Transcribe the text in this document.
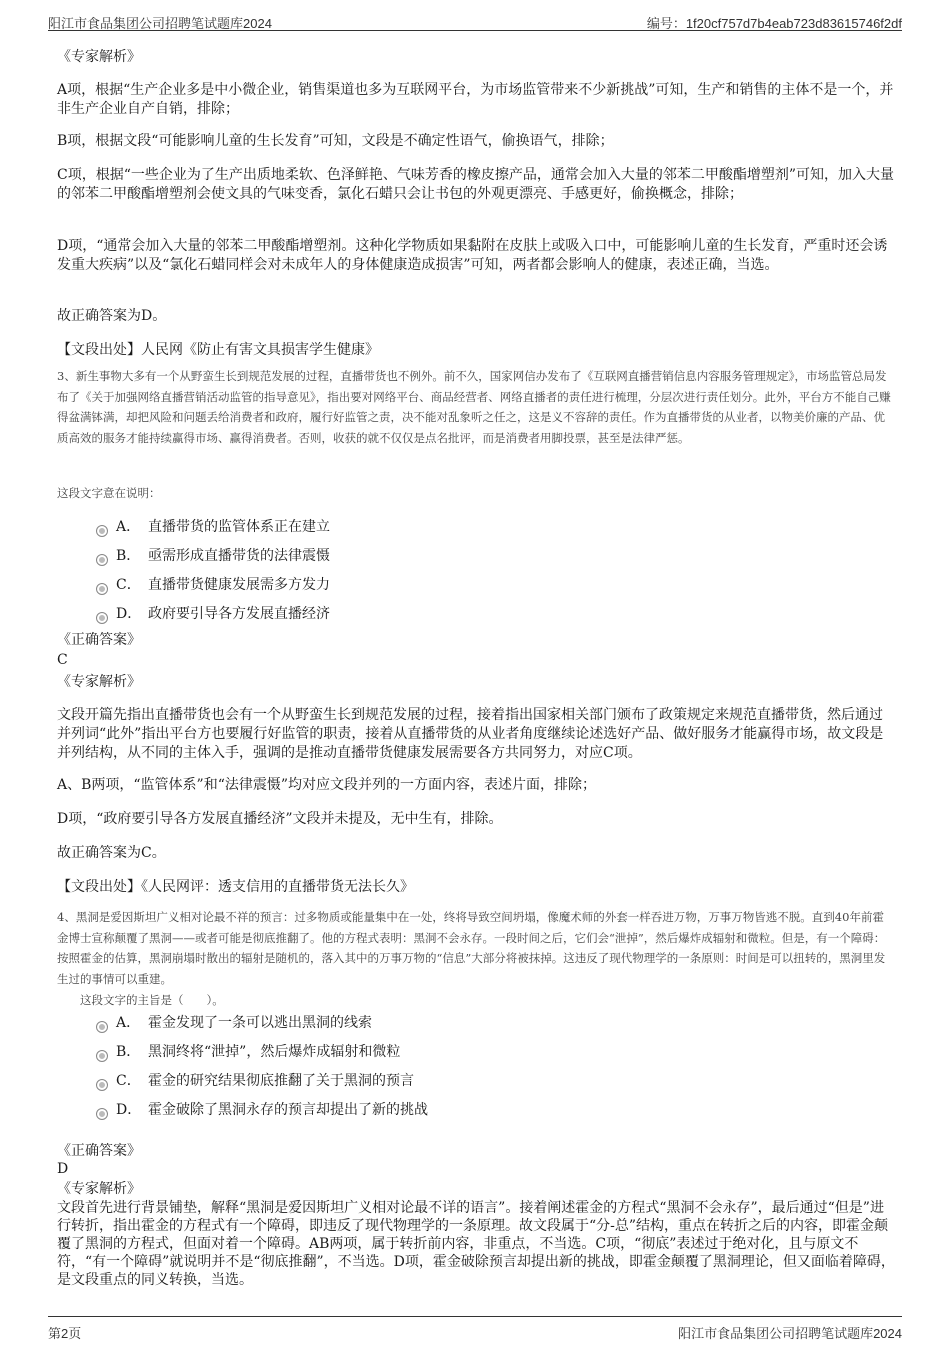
阳江市食品集团公司招聘笔试题库2024	编号：1f20cf757d7b4eab723d83615746f2df
《专家解析》
A项，根据“生产企业多是中小微企业，销售渠道也多为互联网平台，为市场监管带来不少新挑战”可知，生产和销售的主体不是一个，并非生产企业自产自销，排除；
B项，根据文段“可能影响儿童的生长发育”可知，文段是不确定性语气，偷换语气，排除；
C项，根据“一些企业为了生产出质地柔软、色泽鲜艳、气味芳香的橡皮擦产品，通常会加入大量的邻苯二甲酸酯增塑剂”可知，加入大量的邻苯二甲酸酯增塑剂会使文具的气味变香，氯化石蜡只会让书包的外观更漂亮、手感更好，偷换概念，排除；
D项，“通常会加入大量的邻苯二甲酸酯增塑剂。这种化学物质如果黏附在皮肤上或吸入口中，可能影响儿童的生长发育，严重时还会诱发重大疾病”以及“氯化石蜡同样会对未成年人的身体健康造成损害”可知，两者都会影响人的健康，表述正确，当选。
故正确答案为D。
【文段出处】人民网《防止有害文具损害学生健康》
3、新生事物大多有一个从野蛮生长到规范发展的过程，直播带货也不例外。前不久，国家网信办发布了《互联网直播营销信息内容服务管理规定》，市场监管总局发布了《关于加强网络直播营销活动监管的指导意见》，指出要对网络平台、商品经营者、网络直播者的责任进行梳理，分层次进行责任划分。此外，平台方不能自己赚得盆满钵满，却把风险和问题丢给消费者和政府，履行好监管之责，决不能对乱象听之任之，这是义不容辞的责任。作为直播带货的从业者，以物美价廉的产品、优质高效的服务才能持续赢得市场、赢得消费者。否则，收获的就不仅仅是点名批评，而是消费者用脚投票，甚至是法律严惩。
这段文字意在说明：
A． 直播带货的监管体系正在建立
B． 亟需形成直播带货的法律震慑
C． 直播带货健康发展需多方发力
D． 政府要引导各方发展直播经济
《正确答案》
C
《专家解析》
文段开篇先指出直播带货也会有一个从野蛮生长到规范发展的过程，接着指出国家相关部门颁布了政策规定来规范直播带货，然后通过并列词“此外”指出平台方也要履行好监管的职责，接着从直播带货的从业者角度继续论述选好产品、做好服务才能赢得市场，故文段是并列结构，从不同的主体入手，强调的是推动直播带货健康发展需要各方共同努力，对应C项。
A、B两项，“监管体系”和“法律震慑”均对应文段并列的一方面内容，表述片面，排除；
D项，“政府要引导各方发展直播经济”文段并未提及，无中生有，排除。
故正确答案为C。
【文段出处】《人民网评：透支信用的直播带货无法长久》
4、黑洞是爱因斯坦广义相对论最不祥的预言：过多物质或能量集中在一处，终将导致空间坍塌，像魔术师的外套一样吞进万物，万事万物皆逃不脱。直到40年前霍金博士宣称颠覆了黑洞——或者可能是彻底推翻了。他的方程式表明：黑洞不会永存。一段时间之后，它们会“泄掉”，然后爆炸成辐射和微粒。但是，有一个障碍：按照霍金的估算，黑洞崩塌时散出的辐射是随机的，落入其中的万事万物的“信息”大部分将被抹掉。这违反了现代物理学的一条原则：时间是可以扭转的，黑洞里发生过的事情可以重建。
这段文字的主旨是（　　）。
A． 霍金发现了一条可以逃出黑洞的线索
B． 黑洞终将“泄掉”，然后爆炸成辐射和微粒
C． 霍金的研究结果彻底推翻了关于黑洞的预言
D． 霍金破除了黑洞永存的预言却提出了新的挑战
《正确答案》
D
《专家解析》
文段首先进行背景铺垫，解释“黑洞是爱因斯坦广义相对论最不详的语言”。接着阐述霍金的方程式“黑洞不会永存”，最后通过“但是”进行转折，指出霍金的方程式有一个障碍，即违反了现代物理学的一条原理。故文段属于“分-总”结构，重点在转折之后的内容，即霍金颠覆了黑洞的方程式，但面对着一个障碍。AB两项，属于转折前内容，非重点，不当选。C项，“彻底”表述过于绝对化，且与原文不符，“有一个障碍”就说明并不是“彻底推翻”，不当选。D项，霍金破除预言却提出新的挑战，即霍金颠覆了黑洞理论，但又面临着障碍，是文段重点的同义转换，当选。
第2页	阳江市食品集团公司招聘笔试题库2024
